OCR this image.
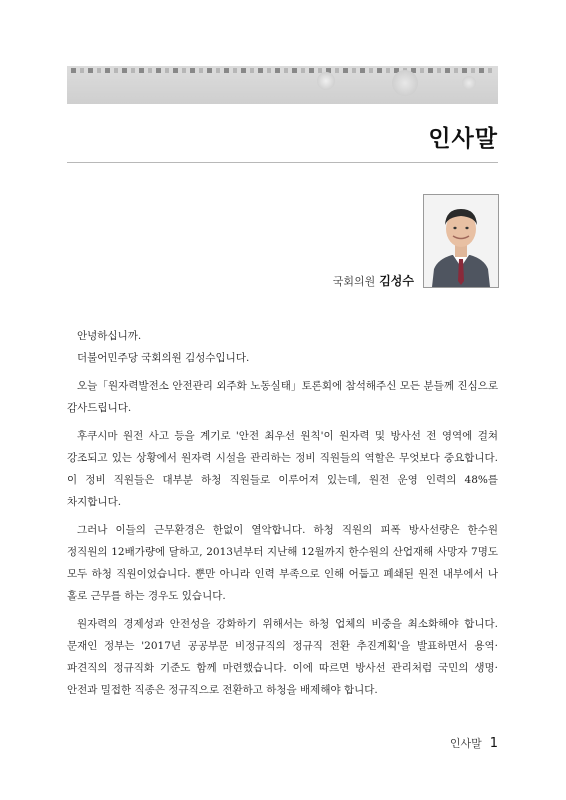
인사말
국회의원 김성수

안녕하십니까.

더불어민주당 국회의원 김성수입니다.

오늘「원자력발전소 안전관리 외주화 노동실태」토론회에 참석해주신 모든 분들께 진심으로 감사드립니다.

후쿠시마 원전 사고 등을 계기로 '안전 최우선 원칙'이 원자력 및 방사선 전 영역에 걸쳐 강조되고 있는 상황에서 원자력 시설을 관리하는 정비 직원들의 역할은 무엇보다 중요합니다. 이 정비 직원들은 대부분 하청 직원들로 이루어져 있는데, 원전 운영 인력의 48%를 차지합니다.

그러나 이들의 근무환경은 한없이 열악합니다. 하청 직원의 피폭 방사선량은 한수원 정직원의 12배가량에 달하고, 2013년부터 지난해 12월까지 한수원의 산업재해 사망자 7명도 모두 하청 직원이었습니다. 뿐만 아니라 인력 부족으로 인해 어둡고 폐쇄된 원전 내부에서 나 홀로 근무를 하는 경우도 있습니다.

원자력의 경제성과 안전성을 강화하기 위해서는 하청 업체의 비중을 최소화해야 합니다. 문재인 정부는 '2017년 공공부문 비정규직의 정규직 전환 추진계획'을 발표하면서 용역·파견직의 정규직화 기준도 함께 마련했습니다. 이에 따르면 방사선 관리처럼 국민의 생명·안전과 밀접한 직종은 정규직으로 전환하고 하청을 배제해야 합니다.

인사말 1
